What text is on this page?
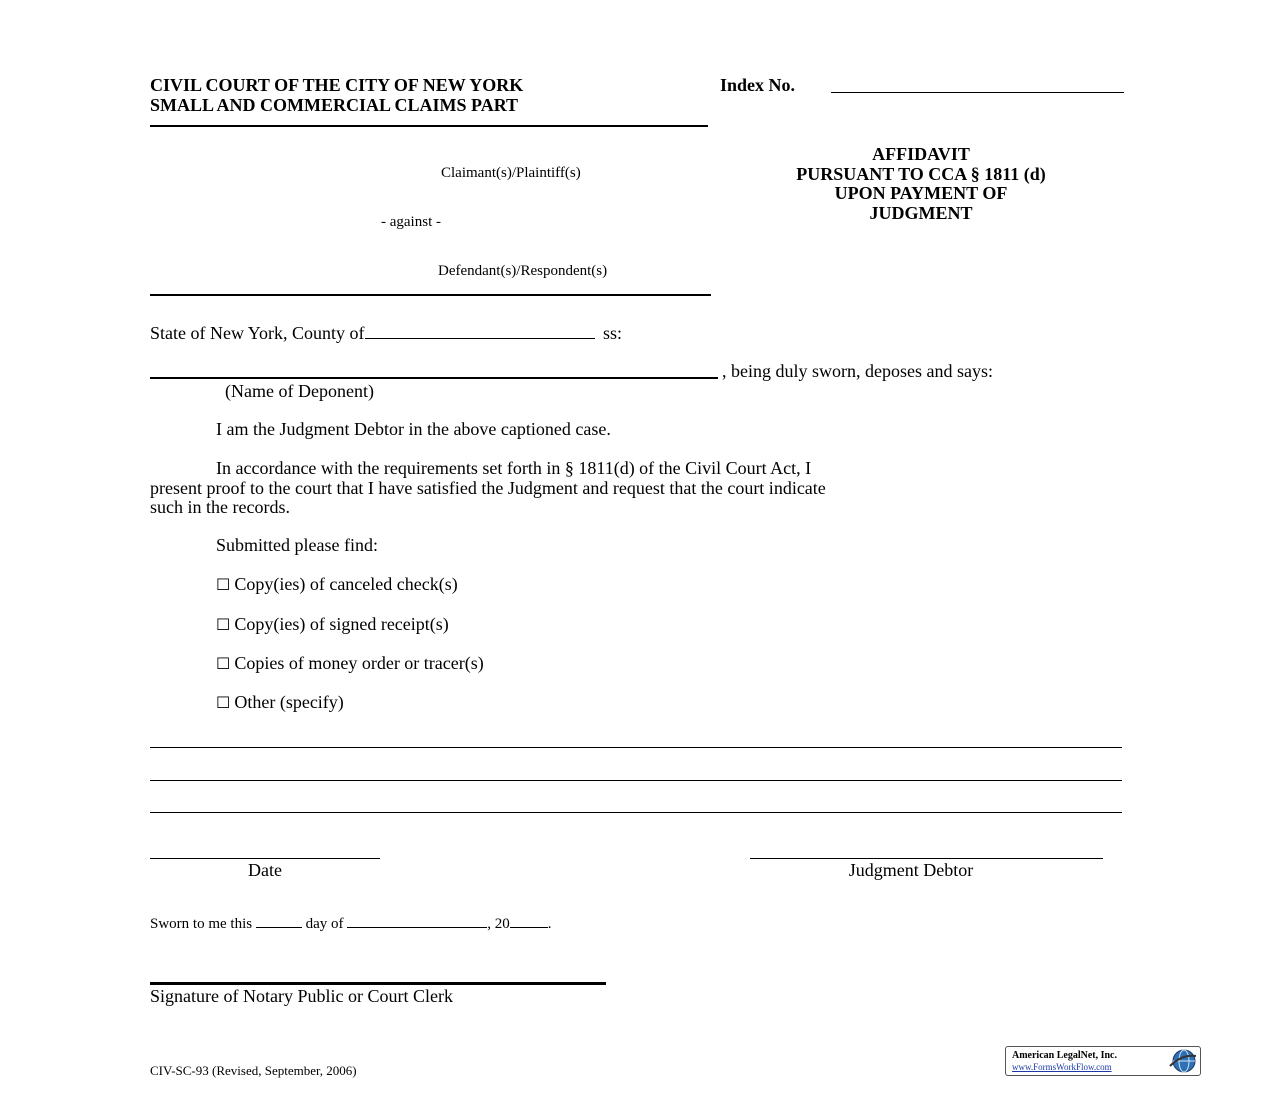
CIVIL COURT OF THE CITY OF NEW YORK
SMALL AND COMMERCIAL CLAIMS PART
Index No.
Claimant(s)/Plaintiff(s)
- against -
Defendant(s)/Respondent(s)
AFFIDAVIT
PURSUANT TO CCA § 1811 (d)
UPON PAYMENT OF
JUDGMENT
State of New York, County of	ss:
, being duly sworn, deposes and says:
(Name of Deponent)
I am the Judgment Debtor in the above captioned case.
In accordance with the requirements set forth in § 1811(d) of the Civil Court Act, I
present proof to the court that I have satisfied the Judgment and request that the court indicate
such in the records.
Submitted please find:
☐ Copy(ies) of canceled check(s)
☐ Copy(ies) of signed receipt(s)
☐ Copies of money order or tracer(s)
☐ Other (specify)
Date	Judgment Debtor
Sworn to me this	day of	, 20	.
Signature of Notary Public or Court Clerk
CIV-SC-93 (Revised, September, 2006)
American LegalNet, Inc.
www.FormsWorkFlow.com
